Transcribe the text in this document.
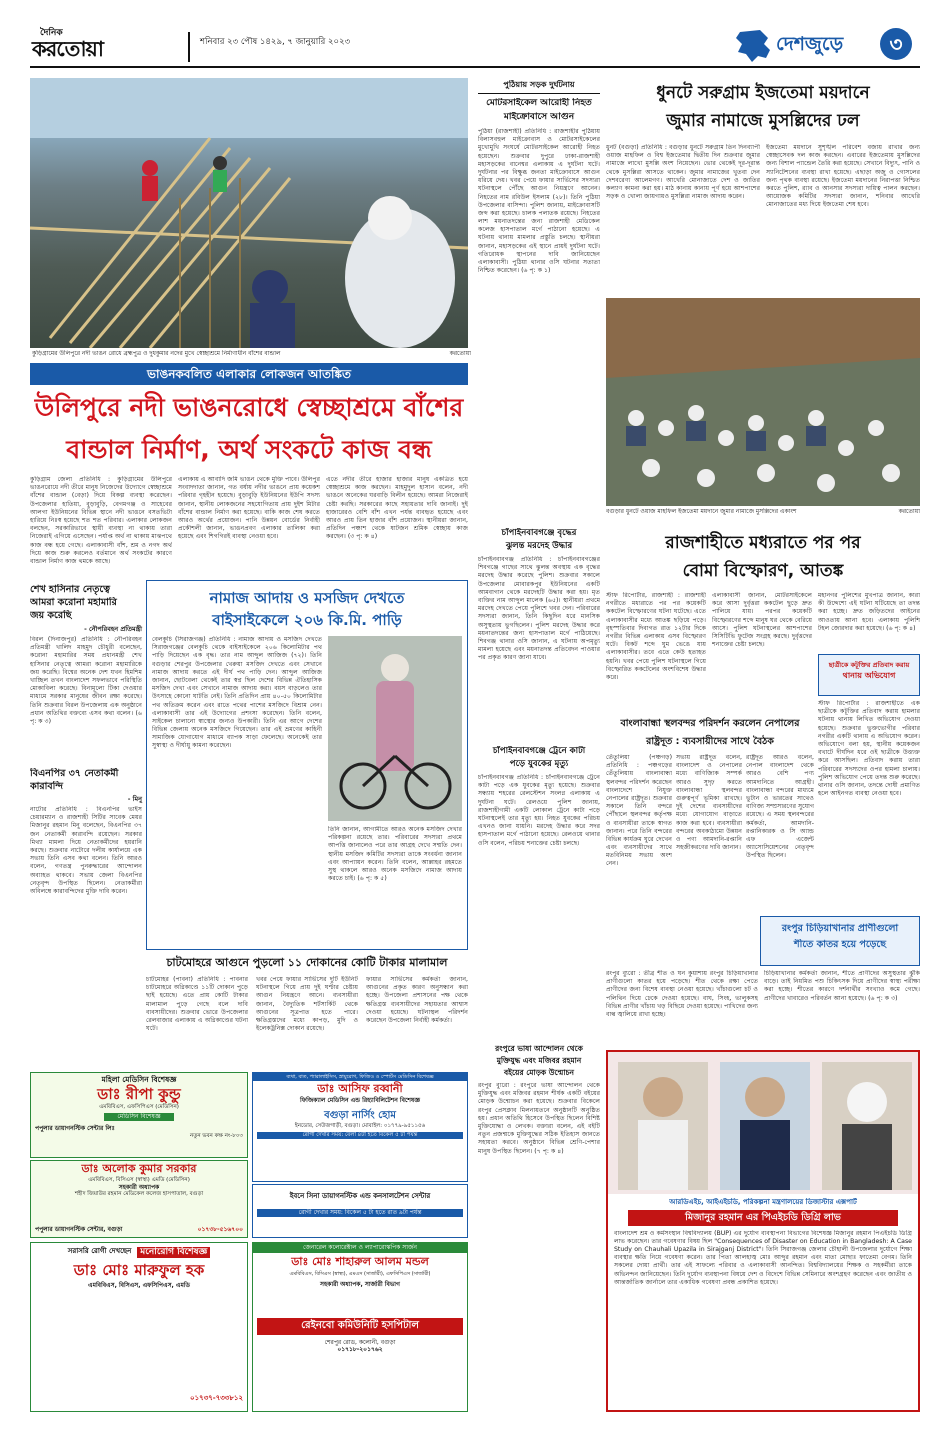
দৈনিক
করতোয়া	শনিবার ২৩ পৌষ ১৪২৯, ৭ জানুয়ারি ২০২৩	দেশজুড়ে	৩
কুড়িগ্রামের উলিপুরে নদী ভাঙন রোধে ব্রহ্মপুত্র ও দুধকুমার নদের মুখে স্বেচ্ছাশ্রমে নির্মাণাধীন বাঁশের বান্ডাল	করতোয়া
ভাঙনকবলিত এলাকার লোকজন আতঙ্কিত
উলিপুরে নদী ভাঙনরোধে স্বেচ্ছাশ্রমে বাঁশের
বান্ডাল নির্মাণ, অর্থ সংকটে কাজ বন্ধ
কুড়িগ্রাম জেলা প্রতিনিধি : কুড়িগ্রামের উলিপুরে ভাঙনরোধে নদী তীরে মানুষ নিজেদের উদ্যোগে স্বেচ্ছাশ্রমে বাঁশের বান্ডাল (বেড়া) দিয়ে বিকল্প ব্যবস্থা করেছেন। উপজেলার হাতিয়া, বুড়াবুড়ি, বেগমগঞ্জ ও সাহেবের আলগা ইউনিয়নের বিভিন্ন স্থানে নদী ভাঙনে বসতভিটা হারিয়ে নিঃস্ব হয়েছে শত শত পরিবার। এলাকার লোকজন বলছেন, সরকারিভাবে স্থায়ী ব্যবস্থা না থাকায় তারা নিজেরাই এগিয়ে এসেছেন। পর্যাপ্ত অর্থ না থাকায় মাঝপথে কাজ বন্ধ হয়ে গেছে। এলাকাবাসী বাঁশ, শ্রম ও নগদ অর্থ দিয়ে কাজ শুরু করলেও বর্তমানে অর্থ সংকটের কারণে বান্ডাল নির্মাণ কাজ থমকে আছে।
এলাকায় এ আবাদি জমি ভাঙন থেকে মুক্তি পাবে। উলিপুর সংবাদদাতা জানান, গত বর্ষায় নদীর ভাঙনে প্রায় কয়েকশ পরিবার গৃহহীন হয়েছে। বুড়াবুড়ি ইউনিয়নের ইউপি সদস্য জানান, স্থানীয় লোকজনের সহযোগিতায় প্রায় দুইশ মিটার বাঁশের বান্ডাল নির্মাণ করা হয়েছে। বাকি কাজ শেষ করতে আরও অর্থের প্রয়োজন। পানি উন্নয়ন বোর্ডের নির্বাহী প্রকৌশলী জানান, ভাঙনপ্রবণ এলাকার তালিকা করা হয়েছে এবং শিগগিরই ব্যবস্থা নেওয়া হবে।
এতে নদীর তীরে হাজার হাজার মানুষ একত্রিত হয়ে স্বেচ্ছাশ্রমে কাজ করছেন। মাহমুদুল হাসান বলেন, নদী ভাঙনে অনেকের ঘরবাড়ি বিলীন হয়েছে। আমরা নিজেরাই চেষ্টা করছি। সরকারের কাছে সহায়তার দাবি জানাই। দুই হাজারেরও বেশি বাঁশ এখন পর্যন্ত ব্যবহৃত হয়েছে এবং আরও প্রায় তিন হাজার বাঁশ প্রয়োজন। স্থানীয়রা জানান, প্রতিদিন পঞ্চাশ থেকে ষাটজন শ্রমিক স্বেচ্ছায় কাজ করছেন। (৩ পৃ: ক ৪)
শেখ হাসিনার নেতৃত্বে
আমরা করোনা মহামারি
জয় করেছি
- নৌপরিবহন প্রতিমন্ত্রী
বিরল (দিনাজপুর) প্রতিনিধি : নৌপরিবহন প্রতিমন্ত্রী খালিদ মাহমুদ চৌধুরী বলেছেন, করোনা মহামারির সময় প্রধানমন্ত্রী শেখ হাসিনার নেতৃত্বে আমরা করোনা মহামারিকে জয় করেছি। বিশ্বের অনেক দেশ যখন হিমশিম খাচ্ছিল তখন বাংলাদেশ সফলভাবে পরিস্থিতি মোকাবিলা করেছে। বিনামূল্যে টিকা দেওয়ার মাধ্যমে সরকার মানুষের জীবন রক্ষা করেছে। তিনি শুক্রবার বিরল উপজেলায় এক অনুষ্ঠানে প্রধান অতিথির বক্তব্যে এসব কথা বলেন। (৬ পৃ: ক ৩)
বিএনপির ৩৭ নেতাকর্মী
কারাবন্দি
- মিনু
নাটোর প্রতিনিধি : বিএনপির ভাইস চেয়ারম্যান ও রাজশাহী সিটির সাবেক মেয়র মিজানুর রহমান মিনু বলেছেন, বিএনপির ৩৭ জন নেতাকর্মী কারাবন্দি রয়েছেন। সরকার মিথ্যা মামলা দিয়ে নেতাকর্মীদের হয়রানি করছে। শুক্রবার নাটোরে দলীয় কার্যালয়ে এক সভায় তিনি এসব কথা বলেন। তিনি আরও বলেন, গণতন্ত্র পুনরুদ্ধারের আন্দোলন অব্যাহত থাকবে। সভায় জেলা বিএনপির নেতৃবৃন্দ উপস্থিত ছিলেন। নেতাকর্মীরা অবিলম্বে কারাবন্দিদের মুক্তি দাবি করেন।
নামাজ আদায় ও মসজিদ দেখতে
বাইসাইকেলে ২০৬ কি.মি. পাড়ি
বেলকুচি (সিরাজগঞ্জ) প্রতিনিধি : নামাজ আদায় ও মসজিদ দেখতে সিরাজগঞ্জের বেলকুচি থেকে বাইসাইকেলে ২০৬ কিলোমিটার পথ পাড়ি দিয়েছেন এক বৃদ্ধ। তার নাম আব্দুল আজিজ (৭২)। তিনি বগুড়ার শেরপুর উপজেলার খেরুয়া মসজিদ দেখতে এবং সেখানে নামাজ আদায় করতে এই দীর্ঘ পথ পাড়ি দেন। আব্দুল আজিজ জানান, ছোটবেলা থেকেই তার স্বপ্ন ছিল দেশের বিভিন্ন ঐতিহাসিক মসজিদ দেখা এবং সেখানে নামাজ আদায় করা। বয়স বাড়লেও তার উৎসাহে কোনো ঘাটতি নেই। তিনি প্রতিদিন প্রায় ৪০-৫০ কিলোমিটার পথ অতিক্রম করেন এবং রাতে পথের পাশের মসজিদে বিশ্রাম নেন। এলাকাবাসী তার এই উদ্যোগের প্রশংসা করেছেন। তিনি বলেন, সাইকেল চালানো স্বাস্থ্যের জন্যও উপকারী। তিনি এর আগে দেশের বিভিন্ন জেলায় অনেক মসজিদে গিয়েছেন। তার এই ভ্রমণের কাহিনী সামাজিক যোগাযোগ মাধ্যমে ব্যাপক সাড়া ফেলেছে। অনেকেই তার সুস্বাস্থ্য ও দীর্ঘায়ু কামনা করেছেন।
তিনি জানান, আগামীতে আরও অনেক মসজিদ দেখার পরিকল্পনা রয়েছে তার। পরিবারের সদস্যরা প্রথমে আপত্তি জানালেও পরে তার আগ্রহ দেখে সম্মতি দেন। স্থানীয় মসজিদ কমিটির সদস্যরা তাকে সংবর্ধনা জানান এবং আপ্যায়ন করেন। তিনি বলেন, আল্লাহর রহমতে সুস্থ থাকলে আরও অনেক মসজিদে নামাজ আদায় করতে চাই। (৬ পৃ: ক ৫)
চাটমোহরে আগুনে পুড়লো ১১ দোকানের কোটি টাকার মালামাল
চাটমোহর (পাবনা) প্রতিনিধি : পাবনার চাটমোহরে অগ্নিকাণ্ডে ১১টি দোকান পুড়ে ছাই হয়েছে। এতে প্রায় কোটি টাকার মালামাল পুড়ে গেছে বলে দাবি ব্যবসায়ীদের। শুক্রবার ভোরে উপজেলার রেলবাজার এলাকায় এ অগ্নিকাণ্ডের ঘটনা ঘটে।
খবর পেয়ে ফায়ার সার্ভিসের দুটি ইউনিট ঘটনাস্থলে গিয়ে প্রায় দুই ঘণ্টার চেষ্টায় আগুন নিয়ন্ত্রণে আনে। ব্যবসায়ীরা জানান, বৈদ্যুতিক শর্টসার্কিট থেকে আগুনের সূত্রপাত হতে পারে। ক্ষতিগ্রস্তদের মধ্যে কাপড়, মুদি ও ইলেকট্রনিক্স দোকান রয়েছে।
ফায়ার সার্ভিসের কর্মকর্তা জানান, আগুনের প্রকৃত কারণ অনুসন্ধান করা হচ্ছে। উপজেলা প্রশাসনের পক্ষ থেকে ক্ষতিগ্রস্ত ব্যবসায়ীদের সহায়তার আশ্বাস দেওয়া হয়েছে। ঘটনাস্থল পরিদর্শন করেছেন উপজেলা নির্বাহী কর্মকর্তা।
মহিলা মেডিসিন বিশেষজ্ঞ
ডাঃ রীপা কুন্ডু
এমবিবিএস, এফসিপিএস (মেডিসিন)
মেডিসিন বিশেষজ্ঞ
পপুলার ডায়াগনস্টিক সেন্টার লিঃ
নতুন ভবন কক্ষ নং-৮০৩
ডাঃ অলোক কুমার সরকার
এমবিবিএস, বিসিএস (স্বাস্থ্য) এমডি (মেডিসিন)
সহকারী অধ্যাপক
শহীদ জিয়াউর রহমান মেডিকেল কলেজ হাসপাতাল, বগুড়া
পপুলার ডায়াগনস্টিক সেন্টার, বগুড়া	০১৭৩৮-৫১৬৭০০
ব্যথা, বাত, প্যারালাইসিস, স্নায়ুরোগ, ফিজিও ও স্পোর্টস মেডিসিন বিশেষজ্ঞ
ডাঃ আসিফ রব্বানী
ফিজিক্যাল মেডিসিন এন্ড রিহ্যাবিলিটেশন বিশেষজ্ঞ
বগুড়া নার্সিং হোম
ইনডোর, সেউজগাড়ী, বগুড়া। মোবাইল: ০১৭৭৯-৯৫১১৫৬
রোগী দেখার সময়: বেলা ৪টা হতে বিকেল ৫ টা পর্যন্ত
ইবনে সিনা ডায়াগনস্টিক এন্ড কনসালটেশন সেন্টার
রোগী দেখার সময়: বিকেল ৫ টা হতে রাত ৯টা পর্যন্ত
সরাসরি রোগী দেখছেন	মনোরোগ বিশেষজ্ঞ
ডাঃ মোঃ মারুফুল হক
এমবিবিএস, বিসিএস, এফসিপিএস, এমডি
০১৭৩৭-৭৩৩৮১২
জেনারেল কলোরেক্টাল ও ল্যাপারোস্কপিক সার্জন
ডাঃ মোঃ শাহারুল আলম মন্ডল
এমবিবিএস, বিসিএস (স্বাস্থ্য), এমএস (সার্জারী), এফসিপিএস (সার্জারী)
সহকারী অধ্যাপক, সার্জারী বিভাগ
রেইনবো কমিউনিটি হসপিটাল
শেরপুর রোড, কলোনী, বগুড়া
০১৭১৮-২০১৭৬২
পুঠিয়ায় সড়ক দুর্ঘটনায়
মোটরসাইকেল আরোহী নিহত
মাইক্রোবাসে আগুন
পুঠিয়া (রাজশাহী) প্রতিনিধি : রাজশাহীর পুঠিয়ায় বিলাসবহুল মাইক্রোবাস ও মোটরসাইকেলের মুখোমুখি সংঘর্ষে মোটরসাইকেল আরোহী নিহত হয়েছেন। শুক্রবার দুপুরে ঢাকা-রাজশাহী মহাসড়কের বানেশ্বর এলাকায় এ দুর্ঘটনা ঘটে। দুর্ঘটনার পর বিক্ষুব্ধ জনতা মাইক্রোবাসে আগুন ধরিয়ে দেয়। খবর পেয়ে ফায়ার সার্ভিসের সদস্যরা ঘটনাস্থলে পৌঁছে আগুন নিয়ন্ত্রণে আনেন। নিহতের নাম রবিউল ইসলাম (২৮)। তিনি পুঠিয়া উপজেলার বাসিন্দা। পুলিশ জানায়, মাইক্রোবাসটি জব্দ করা হয়েছে। চালক পলাতক রয়েছে। নিহতের লাশ ময়নাতদন্তের জন্য রাজশাহী মেডিকেল কলেজ হাসপাতাল মর্গে পাঠানো হয়েছে। এ ঘটনায় থানায় মামলার প্রস্তুতি চলছে। স্থানীয়রা জানান, মহাসড়কের এই স্থানে প্রায়ই দুর্ঘটনা ঘটে। গতিরোধক স্থাপনের দাবি জানিয়েছেন এলাকাবাসী। পুঠিয়া থানার ওসি ঘটনার সত্যতা নিশ্চিত করেছেন। (৬ পৃ: ক ১)
চাঁপাইনবাবগঞ্জে বৃদ্ধের
ঝুলন্ত মরদেহ উদ্ধার
চাঁপাইনবাবগঞ্জ প্রতিনিধি : চাঁপাইনবাবগঞ্জের শিবগঞ্জে গাছের সাথে ঝুলন্ত অবস্থায় এক বৃদ্ধের মরদেহ উদ্ধার করেছে পুলিশ। শুক্রবার সকালে উপজেলার মোবারকপুর ইউনিয়নের একটি আমবাগান থেকে মরদেহটি উদ্ধার করা হয়। মৃত ব্যক্তির নাম আব্দুল মালেক (৬৫)। স্থানীয়রা প্রথমে মরদেহ দেখতে পেয়ে পুলিশে খবর দেন। পরিবারের সদস্যরা জানান, তিনি কিছুদিন ধরে মানসিক অসুস্থতায় ভুগছিলেন। পুলিশ মরদেহ উদ্ধার করে ময়নাতদন্তের জন্য হাসপাতাল মর্গে পাঠিয়েছে। শিবগঞ্জ থানার ওসি জানান, এ ঘটনায় অপমৃত্যু মামলা হয়েছে এবং ময়নাতদন্ত প্রতিবেদন পাওয়ার পর প্রকৃত কারণ জানা যাবে।
চাঁপাইনবাবগঞ্জে ট্রেনে কাটা
পড়ে যুবকের মৃত্যু
চাঁপাইনবাবগঞ্জ প্রতিনিধি : চাঁপাইনবাবগঞ্জে ট্রেনে কাটা পড়ে এক যুবকের মৃত্যু হয়েছে। শুক্রবার সন্ধ্যায় শহরের রেলস্টেশন সংলগ্ন এলাকায় এ দুর্ঘটনা ঘটে। রেলওয়ে পুলিশ জানায়, রাজশাহীগামী একটি লোকাল ট্রেনে কাটা পড়ে ঘটনাস্থলেই তার মৃত্যু হয়। নিহত যুবকের পরিচয় এখনও জানা যায়নি। মরদেহ উদ্ধার করে সদর হাসপাতাল মর্গে পাঠানো হয়েছে। রেলওয়ে থানার ওসি বলেন, পরিচয় শনাক্তের চেষ্টা চলছে।
রংপুরে ভাষা আন্দোলন থেকে
মুক্তিযুদ্ধ এবং মজিবর রহমান
বইয়ের মোড়ক উন্মোচন
রংপুর ব্যুরো : রংপুরে ভাষা আন্দোলন থেকে মুক্তিযুদ্ধ এবং মজিবর রহমান শীর্ষক একটি বইয়ের মোড়ক উন্মোচন করা হয়েছে। শুক্রবার বিকেলে রংপুর প্রেসক্লাব মিলনায়তনে অনুষ্ঠানটি অনুষ্ঠিত হয়। প্রধান অতিথি হিসেবে উপস্থিত ছিলেন বিশিষ্ট মুক্তিযোদ্ধা ও লেখক। বক্তারা বলেন, এই বইটি নতুন প্রজন্মকে মুক্তিযুদ্ধের সঠিক ইতিহাস জানতে সহায়তা করবে। অনুষ্ঠানে বিভিন্ন শ্রেণি-পেশার মানুষ উপস্থিত ছিলেন। (৭ পৃ: ক ৪)
ধুনটে সরুগ্রাম ইজতেমা ময়দানে
জুমার নামাজে মুসল্লিদের ঢল
ধুনট (বগুড়া) প্রতিনিধি : বগুড়ার ধুনটে সরুগ্রাম তিন দিনব্যাপী ওয়াজ মাহফিল ও বিশ্ব ইজতেমার দ্বিতীয় দিন শুক্রবার জুমার নামাজে লাখো মুসল্লি অংশ নিয়েছেন। ভোর থেকেই দূর-দূরান্ত থেকে মুসল্লিরা আসতে থাকেন। জুমার নামাজের খুতবা দেন দেশবরেণ্য আলেমগণ। আখেরি মোনাজাতে দেশ ও জাতির কল্যাণ কামনা করা হয়। মাঠ কানায় কানায় পূর্ণ হয়ে আশপাশের সড়ক ও খোলা জায়গায়ও মুসল্লিরা নামাজ আদায় করেন।
ইজতেমা ময়দানে সুশৃঙ্খল পরিবেশ বজায় রাখার জন্য স্বেচ্ছাসেবক দল কাজ করছেন। এবারের ইজতেমায় মুসল্লিদের জন্য বিশাল প্যান্ডেল তৈরি করা হয়েছে। সেখানে বিদ্যুৎ, পানি ও স্যানিটেশনের ব্যবস্থা রাখা হয়েছে। এছাড়া অজু ও গোসলের জন্য পৃথক ব্যবস্থা রয়েছে। ইজতেমা ময়দানের নিরাপত্তা নিশ্চিত করতে পুলিশ, র‍্যাব ও আনসার সদস্যরা দায়িত্ব পালন করছেন। আয়োজক কমিটির সদস্যরা জানান, শনিবার আখেরি মোনাজাতের মধ্য দিয়ে ইজতেমা শেষ হবে।
বগুড়ার ধুনটে ওয়াজ মাহফিল ইজতেমা ময়দানে জুমার নামাজে মুসল্লিদের একাংশ	করতোয়া
রাজশাহীতে মধ্যরাতে পর পর
বোমা বিস্ফোরণ, আতঙ্ক
স্টাফ রিপোর্টার, রাজশাহী : রাজশাহী নগরীতে মধ্যরাতে পর পর কয়েকটি ককটেল বিস্ফোরণের ঘটনা ঘটেছে। এতে এলাকাবাসীর মধ্যে আতঙ্ক ছড়িয়ে পড়ে। বৃহস্পতিবার দিবাগত রাত ১২টার দিকে নগরীর বিভিন্ন এলাকায় এসব বিস্ফোরণ ঘটে। বিকট শব্দে ঘুম ভেঙে যায় এলাকাবাসীর। তবে এতে কেউ হতাহত হয়নি। খবর পেয়ে পুলিশ ঘটনাস্থলে গিয়ে বিস্ফোরিত ককটেলের অংশবিশেষ উদ্ধার করে।
এলাকাবাসী জানান, মোটরসাইকেলে করে আসা দুর্বৃত্তরা ককটেল ছুড়ে দ্রুত পালিয়ে যায়। পরপর কয়েকটি বিস্ফোরণের শব্দে মানুষ ঘর থেকে বেরিয়ে আসে। পুলিশ ঘটনাস্থলের আশপাশের সিসিটিভি ফুটেজ সংগ্রহ করছে। দুর্বৃত্তদের শনাক্তের চেষ্টা চলছে।
মহানগর পুলিশের মুখপাত্র জানান, কারা কী উদ্দেশ্যে এই ঘটনা ঘটিয়েছে তা তদন্ত করা হচ্ছে। দ্রুত জড়িতদের আইনের আওতায় আনা হবে। এলাকায় পুলিশি টহল জোরদার করা হয়েছে। (৬ পৃ: ক ৪)
ছাত্রীকে কটূক্তির প্রতিবাদ করায়
থানায় অভিযোগ
স্টাফ রিপোর্টার : রাজশাহীতে এক ছাত্রীকে কটূক্তির প্রতিবাদ করায় হামলার ঘটনায় থানায় লিখিত অভিযোগ দেওয়া হয়েছে। শুক্রবার ভুক্তভোগীর পরিবার নগরীর একটি থানায় এ অভিযোগ করেন। অভিযোগে বলা হয়, স্থানীয় কয়েকজন বখাটে দীর্ঘদিন ধরে ওই ছাত্রীকে উত্ত্যক্ত করে আসছিল। প্রতিবাদ করায় তারা পরিবারের সদস্যদের ওপর হামলা চালায়। পুলিশ অভিযোগ পেয়ে তদন্ত শুরু করেছে। থানার ওসি জানান, তদন্তে দোষী প্রমাণিত হলে আইনগত ব্যবস্থা নেওয়া হবে।
বাংলাবান্ধা স্থলবন্দর পরিদর্শন করলেন নেপালের
রাষ্ট্রদূত : ব্যবসায়ীদের সাথে বৈঠক
তেঁতুলিয়া (পঞ্চগড়) প্রতিনিধি : পঞ্চগড়ের তেঁতুলিয়ায় বাংলাবান্ধা স্থলবন্দর পরিদর্শন করেছেন বাংলাদেশে নিযুক্ত নেপালের রাষ্ট্রদূত। শুক্রবার সকালে তিনি বন্দরে পৌঁছালে স্থলবন্দর কর্তৃপক্ষ ও ব্যবসায়ীরা তাকে স্বাগত জানান। পরে তিনি বন্দরের বিভিন্ন কার্যক্রম ঘুরে দেখেন এবং ব্যবসায়ীদের সাথে মতবিনিময় সভায় অংশ নেন।
সভায় রাষ্ট্রদূত বলেন, বাংলাদেশ ও নেপালের মধ্যে বাণিজ্যিক সম্পর্ক আরও সুদৃঢ় করতে বাংলাবান্ধা স্থলবন্দর গুরুত্বপূর্ণ ভূমিকা রাখছে। দুই দেশের ব্যবসায়ীদের মধ্যে যোগাযোগ বাড়াতে কাজ করা হবে। ব্যবসায়ীরা বন্দরের অবকাঠামো উন্নয়ন ও পণ্য আমদানি-রপ্তানি সহজীকরণের দাবি জানান।
রাষ্ট্রদূত আরও বলেন, নেপাল বাংলাদেশ থেকে আরও বেশি পণ্য আমদানিতে আগ্রহী। বাংলাবান্ধা বন্দরের মাধ্যমে ভুটান ও ভারতের সাথেও বাণিজ্য সম্প্রসারণের সুযোগ রয়েছে। এ সময় স্থলবন্দরের কর্মকর্তা, আমদানি-রপ্তানিকারক ও সি অ্যান্ড এফ এজেন্ট অ্যাসোসিয়েশনের নেতৃবৃন্দ উপস্থিত ছিলেন।
রংপুর চিড়িয়াখানার প্রাণীগুলো
শীতে কাতর হয়ে পড়েছে
রংপুর ব্যুরো : তীব্র শীত ও ঘন কুয়াশায় রংপুর চিড়িয়াখানার প্রাণীগুলো কাতর হয়ে পড়েছে। শীত থেকে রক্ষা পেতে প্রাণীদের জন্য বিশেষ ব্যবস্থা নেওয়া হয়েছে। খাঁচাগুলো চট ও পলিথিন দিয়ে ঢেকে দেওয়া হয়েছে। বাঘ, সিংহ, ভালুকসহ বিভিন্ন প্রাণীর খাঁচায় খড় বিছিয়ে দেওয়া হয়েছে। পাখিদের জন্য বাল্ব জ্বালিয়ে রাখা হচ্ছে।
চিড়িয়াখানার কর্মকর্তা জানান, শীতে প্রাণীদের অসুস্থতার ঝুঁকি বাড়ে। তাই নিয়মিত পশু চিকিৎসক দিয়ে প্রাণীদের স্বাস্থ্য পরীক্ষা করা হচ্ছে। শীতের কারণে দর্শনার্থীর সংখ্যাও কমে গেছে। প্রাণীদের খাবারেও পরিবর্তন আনা হয়েছে। (৬ পৃ: ক ৩)
আরডিএইচ, আইএইচডি, পরিকল্পনা মন্ত্রণালয়ের ডিজাস্টার এক্সপার্ট
মিজানুর রহমান এর পিএইচডি ডিগ্রি লাভ
বাংলাদেশ শ্রম ও কর্মসংস্থান বিশ্ববিদ্যালয় (BUP) এর দুর্যোগ ব্যবস্থাপনা বিভাগের বিশেষজ্ঞ মিজানুর রহমান পিএইচডি ডিগ্রি লাভ করেছেন। তার গবেষণার বিষয় ছিল "Consequences of Disaster on Education in Bangladesh: A Case Study on Chauhali Upazila in Sirajganj District"। তিনি সিরাজগঞ্জ জেলার চৌহালী উপজেলার দুর্যোগে শিক্ষা ব্যবস্থার ক্ষতি নিয়ে গবেষণা করেন। তার পিতা আলহাজ্ব মোঃ আব্দুর রহমান এবং মাতা মোছাঃ ফাতেমা বেগম। তিনি সকলের দোয়া প্রার্থী। তার এই সাফল্যে পরিবার ও এলাকাবাসী আনন্দিত। বিশ্ববিদ্যালয়ের শিক্ষক ও সহকর্মীরা তাকে অভিনন্দন জানিয়েছেন। তিনি দুর্যোগ ব্যবস্থাপনা বিষয়ে দেশ ও বিদেশে বিভিন্ন সেমিনারে অংশগ্রহণ করেছেন এবং জাতীয় ও আন্তর্জাতিক জার্নালে তার একাধিক গবেষণা প্রবন্ধ প্রকাশিত হয়েছে।
